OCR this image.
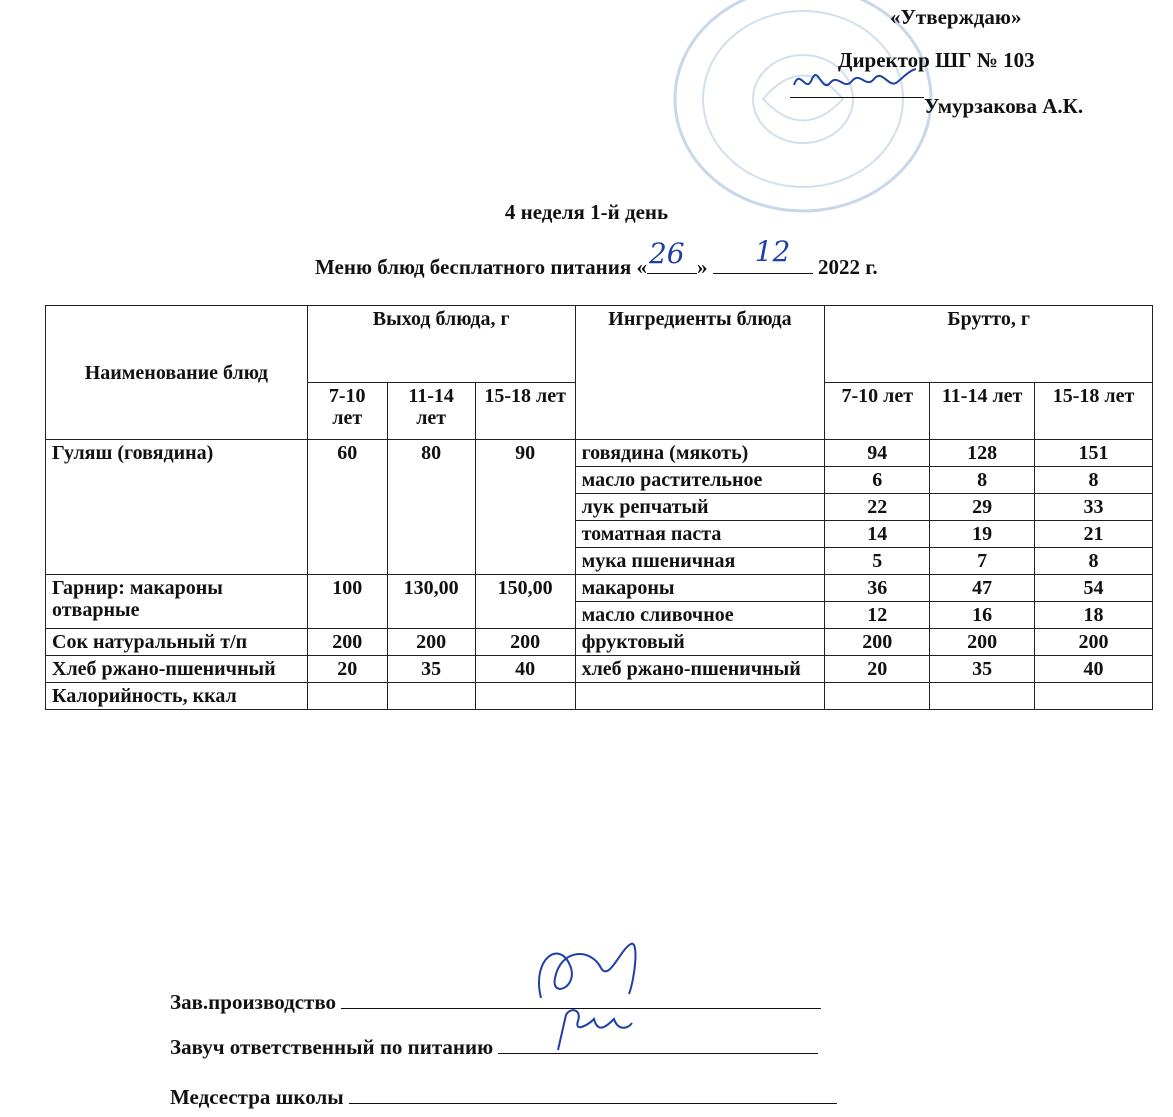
«Утверждаю»
Директор ШГ № 103
Умурзакова А.К.
4 неделя 1-й день
Меню блюд бесплатного питания « 26 » 12 2022 г.
Наименование блюд	Выход блюда, г			Ингредиенты блюда	Брутто, г		
	7-10 лет	11-14 лет	15-18 лет		7-10 лет	11-14 лет	15-18 лет
Гуляш (говядина)	60	80	90	говядина (мякоть)	94	128	151
				масло растительное	6	8	8
				лук репчатый	22	29	33
				томатная паста	14	19	21
				мука пшеничная	5	7	8
Гарнир: макароны отварные	100	130,00	150,00	макароны	36	47	54
				масло сливочное	12	16	18
Сок натуральный т/п	200	200	200	фруктовый	200	200	200
Хлеб ржано-пшеничный	20	35	40	хлеб ржано-пшеничный	20	35	40
Калорийность, ккал							
Зав.производство
Завуч ответственный по питанию
Медсестра школы
